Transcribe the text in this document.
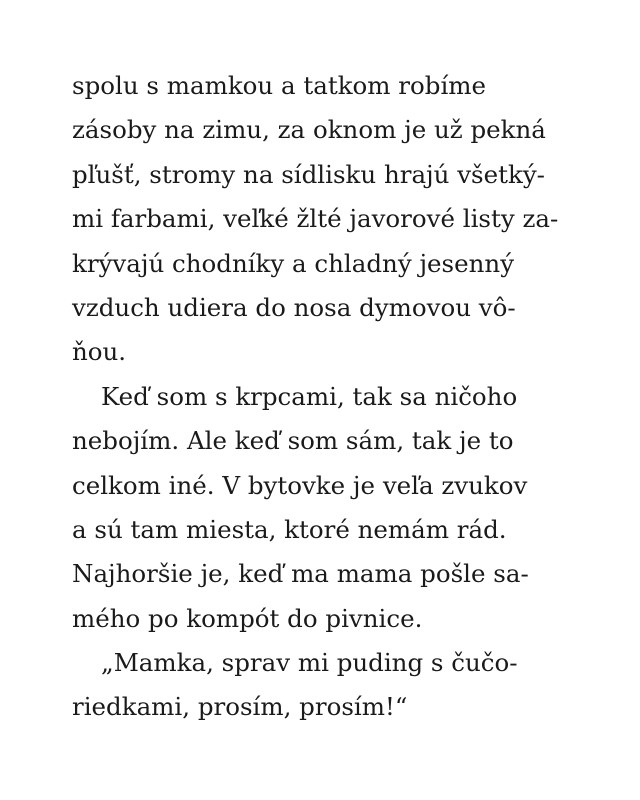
spolu s mamkou a tatkom robíme
zásoby na zimu, za oknom je už pekná
pľušť, stromy na sídlisku hrajú všetký-
mi farbami, veľké žlté javorové listy za-
krývajú chodníky a chladný jesenný
vzduch udiera do nosa dymovou vô-
ňou.
Keď som s krpcami, tak sa ničoho
nebojím. Ale keď som sám, tak je to
celkom iné. V bytovke je veľa zvukov
a sú tam miesta, ktoré nemám rád.
Najhoršie je, keď ma mama pošle sa-
mého po kompót do pivnice.
„Mamka, sprav mi puding s čučo-
riedkami, prosím, prosím!“
